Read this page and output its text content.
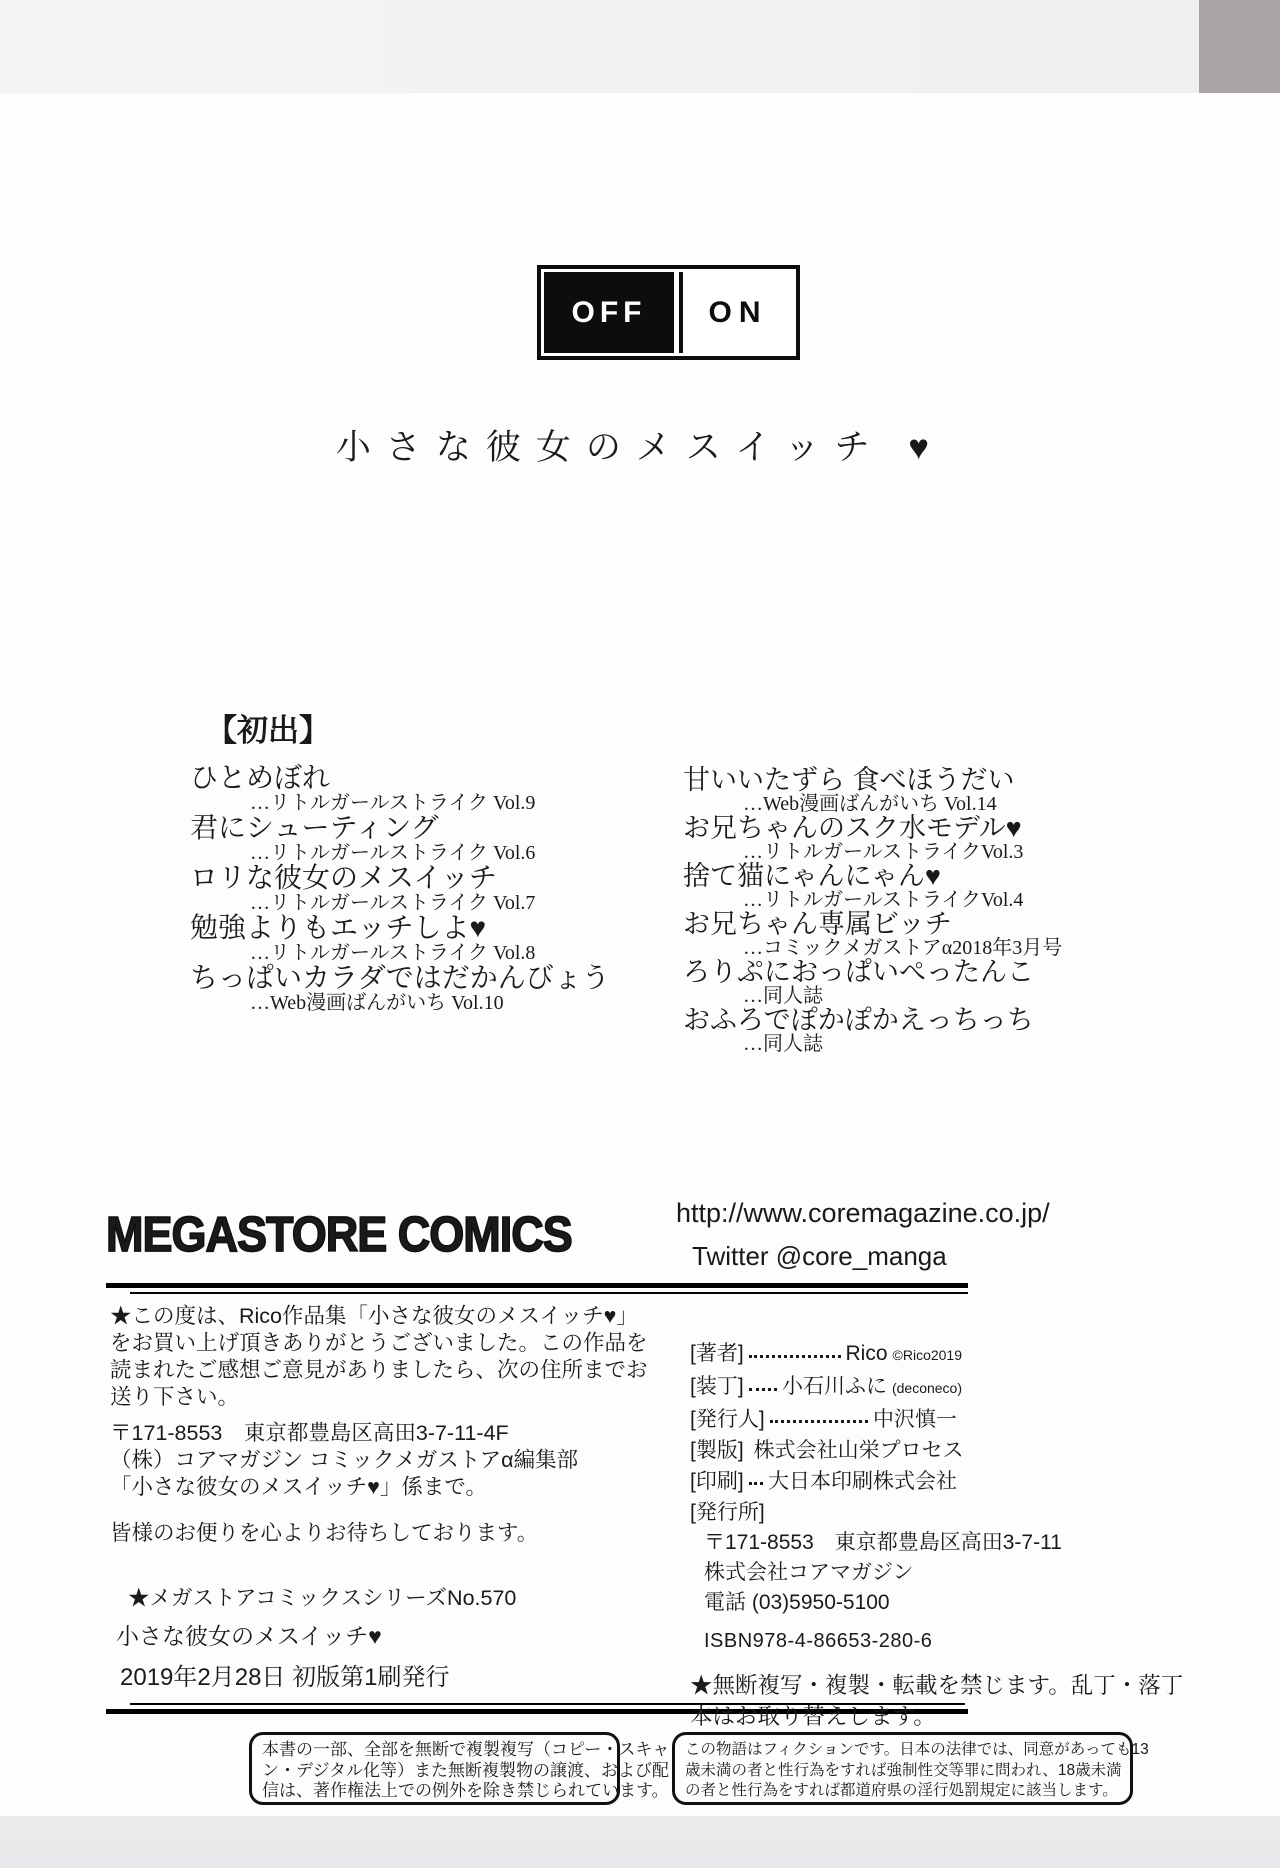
OFF	ON
小さな彼女のメスイッチ ♥
【初出】
ひとめぼれ
…リトルガールストライク Vol.9
君にシューティング
…リトルガールストライク Vol.6
ロリな彼女のメスイッチ
…リトルガールストライク Vol.7
勉強よりもエッチしよ♥
…リトルガールストライク Vol.8
ちっぱいカラダではだかんびょう
…Web漫画ばんがいち Vol.10
甘いいたずら 食べほうだい
…Web漫画ばんがいち Vol.14
お兄ちゃんのスク水モデル♥
…リトルガールストライクVol.3
捨て猫にゃんにゃん♥
…リトルガールストライクVol.4
お兄ちゃん専属ビッチ
…コミックメガストアα2018年3月号
ろりぷにおっぱいぺったんこ
…同人誌
おふろでぽかぽかえっちっち
…同人誌
MEGASTORE COMICS	http://www.coremagazine.co.jp/
Twitter @core_manga
★この度は、Rico作品集「小さな彼女のメスイッチ♥」
をお買い上げ頂きありがとうございました。この作品を
読まれたご感想ご意見がありましたら、次の住所までお
送り下さい。
〒171-8553　東京都豊島区高田3-7-11-4F
（株）コアマガジン コミックメガストアα編集部
「小さな彼女のメスイッチ♥」係まで。
皆様のお便りを心よりお待ちしております。
★メガストアコミックスシリーズNo.570
小さな彼女のメスイッチ♥
2019年2月28日 初版第1刷発行
[著者]	Rico ©Rico2019
[装丁] 小石川ふに (deconeco)
[発行人]	中沢慎一
[製版] 株式会社山栄プロセス
[印刷] 大日本印刷株式会社
[発行所]
〒171-8553　東京都豊島区高田3-7-11
株式会社コアマガジン
電話 (03)5950-5100
ISBN978-4-86653-280-6
★無断複写・複製・転載を禁じます。乱丁・落丁
本はお取り替えします。
本書の一部、全部を無断で複製複写（コピー・スキャ
ン・デジタル化等）また無断複製物の譲渡、および配
信は、著作権法上での例外を除き禁じられています。
この物語はフィクションです。日本の法律では、同意があっても13
歳未満の者と性行為をすれば強制性交等罪に問われ、18歳未満
の者と性行為をすれば都道府県の淫行処罰規定に該当します。
